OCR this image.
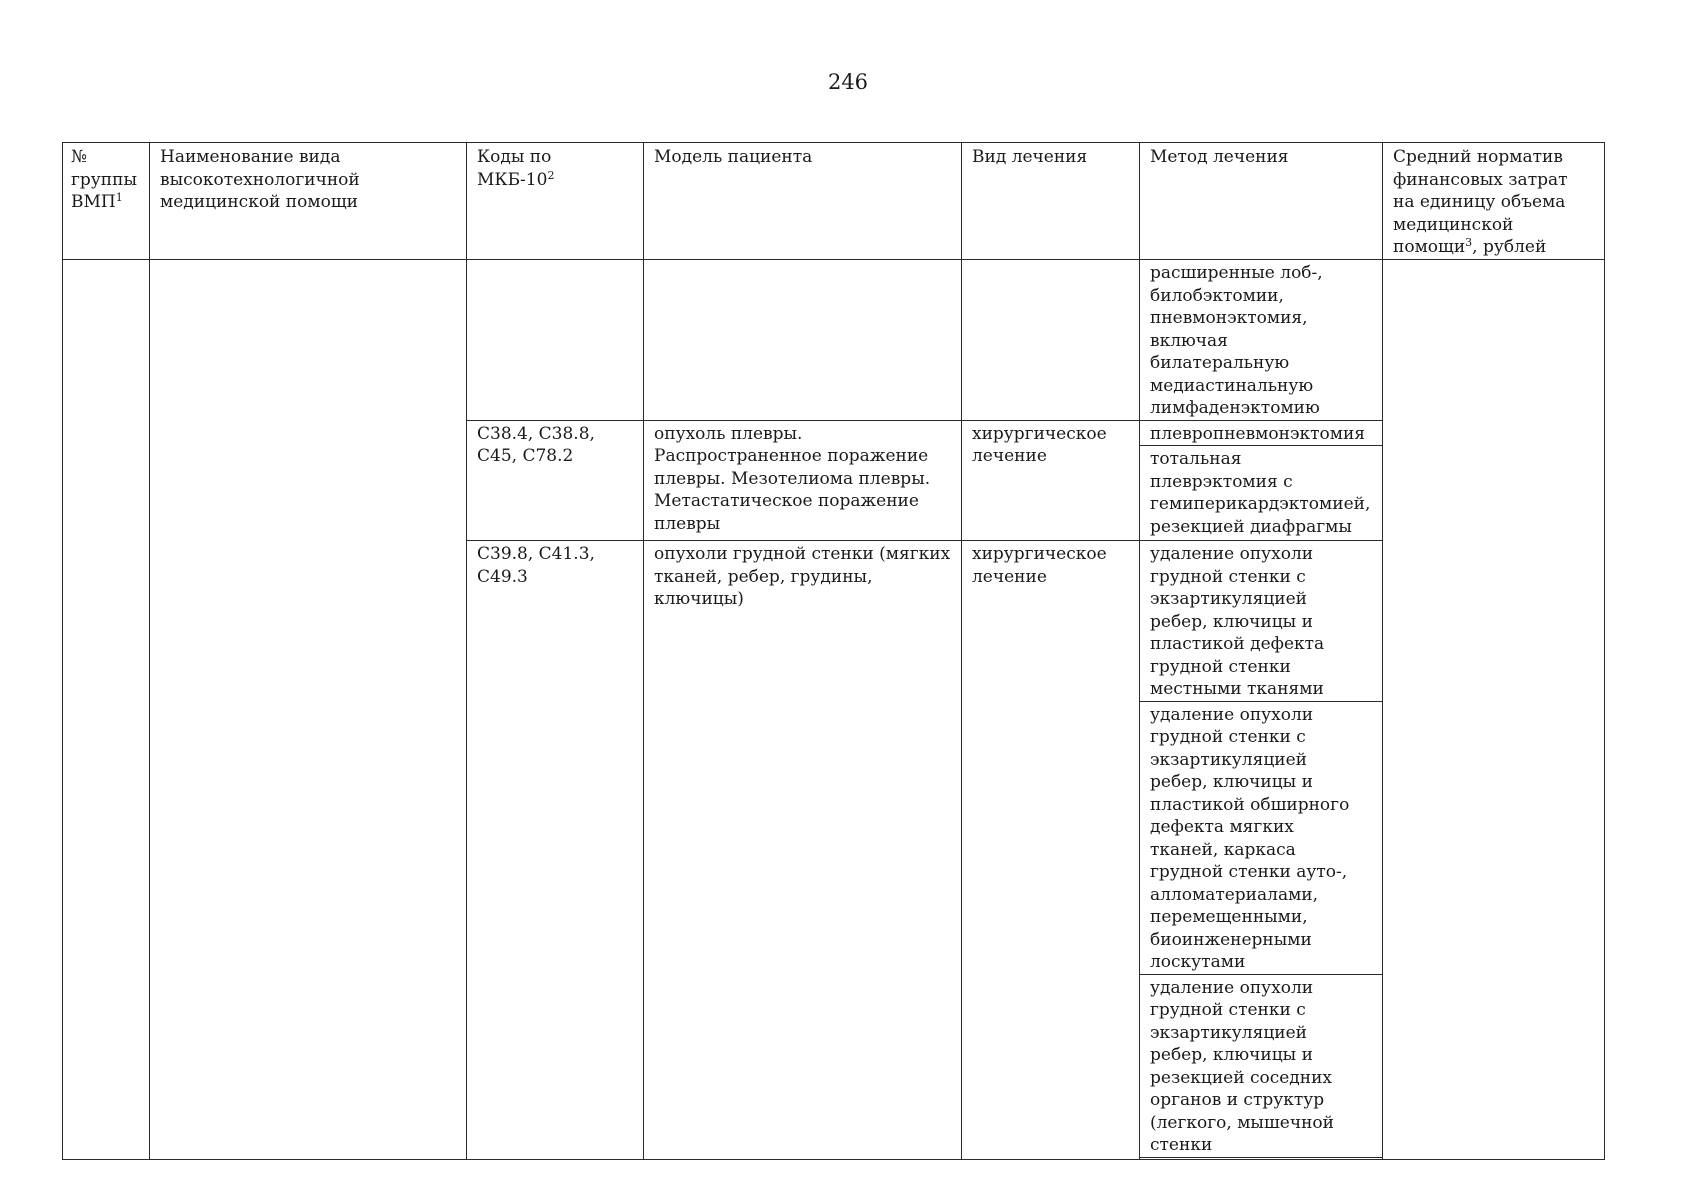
246
№ группы ВМП$^1$	Наименование вида высокотехнологичной медицинской помощи	Коды по МКБ-$10^2$	Модель пациента	Вид лечения	Метод лечения	Средний норматив финансовых затрат на единицу объема медицинской помощи$^3$, рублей
					расширенные лоб-, билобэктомии, пневмонэктомия, включая билатеральную медиастинальную лимфаденэктомию	
		C38.4, C38.8, C45, C78.2	опухоль плевры. Распространенное поражение плевры. Мезотелиома плевры. Метастатическое поражение плевры	хирургическое лечение	плевропневмонэктомия	
					тотальная плеврэктомия с гемиперикардэктомией, резекцией диафрагмы	
		C39.8, C41.3, C49.3	опухоли грудной стенки (мягких тканей, ребер, грудины, ключицы)	хирургическое лечение	удаление опухоли грудной стенки с экзартикуляцией ребер, ключицы и пластикой дефекта грудной стенки местными тканями	
					удаление опухоли грудной стенки с экзартикуляцией ребер, ключицы и пластикой обширного дефекта мягких тканей, каркаса грудной стенки ауто-, алломатериалами, перемещенными, биоинженерными лоскутами	
					удаление опухоли грудной стенки с экзартикуляцией ребер, ключицы и резекцией соседних органов и структур (легкого, мышечной стенки	
